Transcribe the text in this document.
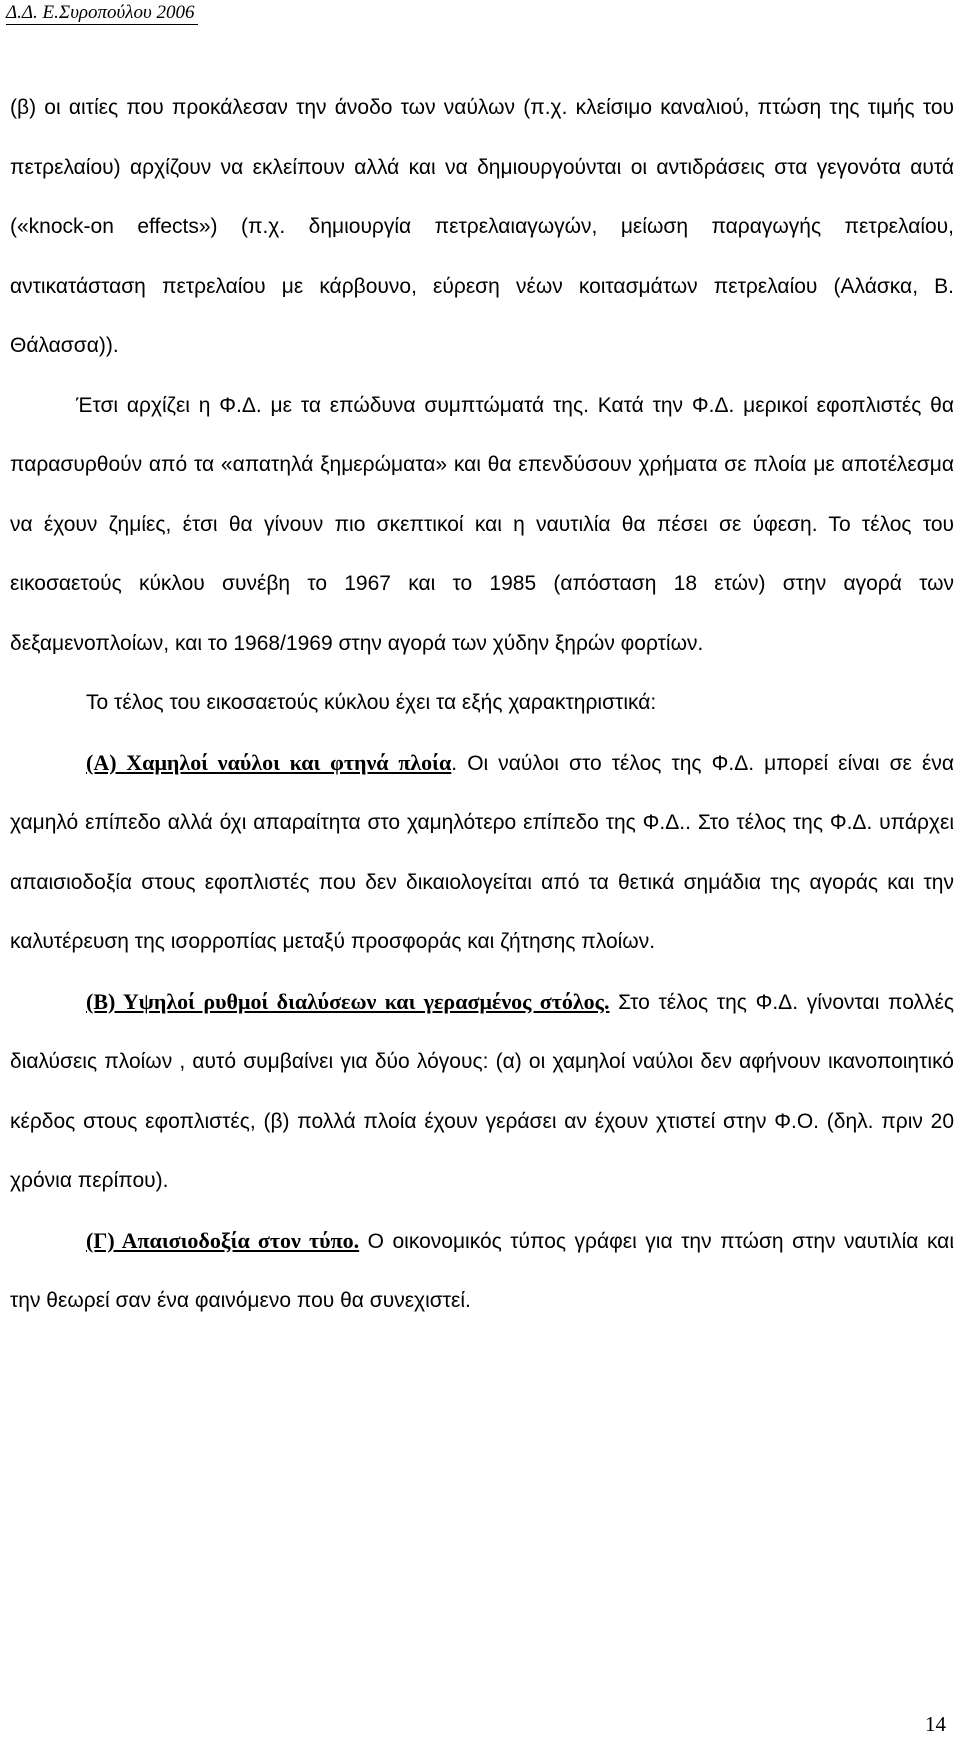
Δ.Δ. Ε.Συροπούλου 2006

(β) οι αιτίες που προκάλεσαν την άνοδο των ναύλων (π.χ. κλείσιμο καναλιού, πτώση της τιμής του πετρελαίου) αρχίζουν να εκλείπουν αλλά και να δημιουργούνται οι αντιδράσεις στα γεγονότα αυτά («knock-on effects») (π.χ. δημιουργία πετρελαιαγωγών, μείωση παραγωγής πετρελαίου, αντικατάσταση πετρελαίου με κάρβουνο, εύρεση νέων κοιτασμάτων πετρελαίου (Αλάσκα, Β. Θάλασσα)).

Έτσι αρχίζει η Φ.Δ. με τα επώδυνα συμπτώματά της. Κατά την Φ.Δ. μερικοί εφοπλιστές θα παρασυρθούν από τα «απατηλά ξημερώματα» και θα επενδύσουν χρήματα σε πλοία με αποτέλεσμα να έχουν ζημίες, έτσι θα γίνουν πιο σκεπτικοί και η ναυτιλία θα πέσει σε ύφεση. Το τέλος του εικοσαετούς κύκλου συνέβη το 1967 και το 1985 (απόσταση 18 ετών) στην αγορά των δεξαμενοπλοίων, και το 1968/1969 στην αγορά των χύδην ξηρών φορτίων.

Το τέλος του εικοσαετούς κύκλου έχει τα εξής χαρακτηριστικά:

(Α) Χαμηλοί ναύλοι και φτηνά πλοία. Οι ναύλοι στο τέλος της Φ.Δ. μπορεί είναι σε ένα χαμηλό επίπεδο αλλά όχι απαραίτητα στο χαμηλότερο επίπεδο της Φ.Δ.. Στο τέλος της Φ.Δ. υπάρχει απαισιοδοξία στους εφοπλιστές που δεν δικαιολογείται από τα θετικά σημάδια της αγοράς και την καλυτέρευση της ισορροπίας μεταξύ προσφοράς και ζήτησης πλοίων.

(Β) Υψηλοί ρυθμοί διαλύσεων και γερασμένος στόλος. Στο τέλος της Φ.Δ. γίνονται πολλές διαλύσεις πλοίων , αυτό συμβαίνει για δύο λόγους: (α) οι χαμηλοί ναύλοι δεν αφήνουν ικανοποιητικό κέρδος στους εφοπλιστές, (β) πολλά πλοία έχουν γεράσει αν έχουν χτιστεί στην Φ.Ο. (δηλ. πριν 20 χρόνια περίπου).

(Γ) Απαισιοδοξία στον τύπο. Ο οικονομικός τύπος γράφει για την πτώση στην ναυτιλία και την θεωρεί σαν ένα φαινόμενο που θα συνεχιστεί.

14
